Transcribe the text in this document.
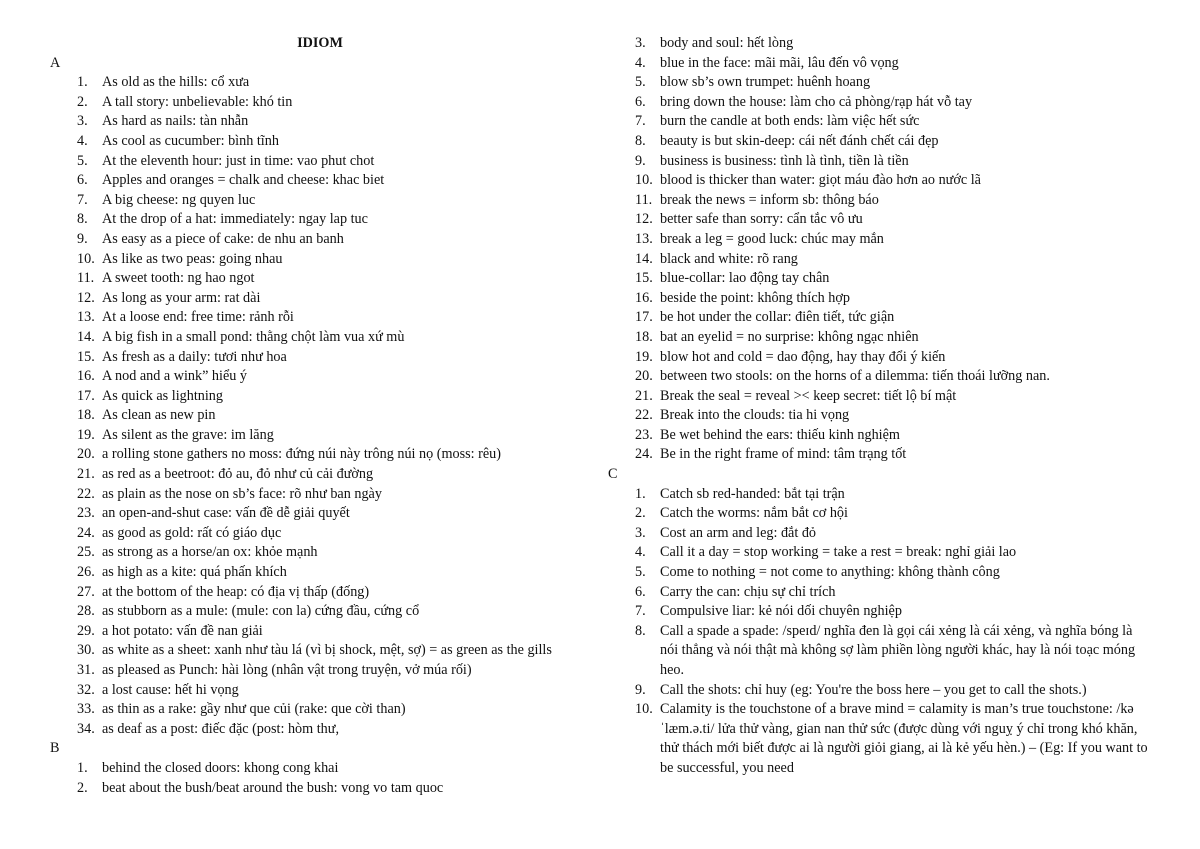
IDIOM
A
1.	As old as the hills: cổ xưa
2.	A tall story: unbelievable: khó tin
3.	As hard as nails: tàn nhẫn
4.	As cool as cucumber: bình tĩnh
5.	At the eleventh hour: just in time: vao phut chot
6.	Apples and oranges = chalk and cheese: khac biet
7.	A big cheese: ng quyen luc
8.	At the drop of a hat: immediately: ngay lap tuc
9.	As easy as a piece of cake: de nhu an banh
10. As like as two peas: going nhau
11. A sweet tooth: ng hao ngot
12. As long as your arm: rat dài
13. At a loose end: free time: rảnh rỗi
14. A big fish in a small pond: thằng chột làm vua xứ mù
15. As fresh as a daily: tươi như hoa
16. A nod and a wink” hiểu ý
17. As quick as lightning
18. As clean as new pin
19. As silent as the grave: im lăng
20. a rolling stone gathers no moss: đứng núi này trông núi nọ (moss: rêu)
21. as red as a beetroot: đỏ au, đỏ như củ cải đường
22. as plain as the nose on sb’s face: rõ như ban ngày
23. an open-and-shut case: vấn đề dễ giải quyết
24. as good as gold: rất có giáo dục
25. as strong as a horse/an ox: khỏe mạnh
26. as high as a kite: quá phấn khích
27. at the bottom of the heap: có địa vị thấp (đống)
28. as stubborn as a mule: (mule: con la) cứng đầu, cứng cổ
29. a hot potato: vấn đề nan giải
30. as white as a sheet: xanh như tàu lá (vì bị shock, mệt, sợ) = as green as the gills
31. as pleased as Punch: hài lòng (nhân vật trong truyện, vở múa rối)
32. a lost cause: hết hi vọng
33. as thin as a rake: gầy như que củi (rake: que cời than)
34. as deaf as a post: điếc đặc (post: hòm thư,
B
1.	behind the closed doors: khong cong khai
2.	beat about the bush/beat around the bush: vong vo tam quoc
3.	body and soul: hết lòng
4.	blue in the face: mãi mãi, lâu đến vô vọng
5.	blow sb’s own trumpet: huênh hoang
6.	bring down the house: làm cho cả phòng/rạp hát vỗ tay
7.	burn the candle at both ends: làm việc hết sức
8.	beauty is but skin-deep: cái nết đánh chết cái đẹp
9.	business is business: tình là tình, tiền là tiền
10. blood is thicker than water: giọt máu đào hơn ao nước lã
11. break the news = inform sb: thông báo
12. better safe than sorry: cẩn tắc vô ưu
13. break a leg = good luck: chúc may mắn
14. black and white: rõ rang
15. blue-collar: lao động tay chân
16. beside the point: không thích hợp
17. be hot under the collar: điên tiết, tức giận
18. bat an eyelid = no surprise: không ngạc nhiên
19. blow hot and cold = dao động, hay thay đổi ý kiến
20. between two stools: on the horns of a dilemma: tiến thoái lưỡng nan.
21. Break the seal = reveal >< keep secret: tiết lộ bí mật
22. Break into the clouds: tia hi vọng
23. Be wet behind the ears: thiếu kinh nghiệm
24. Be in the right frame of mind: tâm trạng tốt
C
1.	Catch sb red-handed: bắt tại trận
2.	Catch the worms: nắm bắt cơ hội
3.	Cost an arm and leg: đắt đỏ
4.	Call it a day = stop working = take a rest = break: nghỉ giải lao
5.	Come to nothing = not come to anything: không thành công
6.	Carry the can: chịu sự chỉ trích
7.	Compulsive liar: kẻ nói dối chuyên nghiệp
8.	Call a spade a spade: /speɪd/ nghĩa đen là gọi cái xẻng là cái xẻng, và nghĩa bóng là nói thẳng và nói thật mà không sợ làm phiền lòng người khác, hay là nói toạc móng heo.
9.	Call the shots: chỉ huy (eg: You're the boss here – you get to call the shots.)
10. Calamity is the touchstone of a brave mind = calamity is man’s true touchstone: /kəˈlæm.ə.ti/ lửa thử vàng, gian nan thử sức (được dùng với nguỵ ý chỉ trong khó khăn, thử thách mới biết được ai là người giỏi giang, ai là kẻ yếu hèn.) – (Eg: If you want to be successful, you need
